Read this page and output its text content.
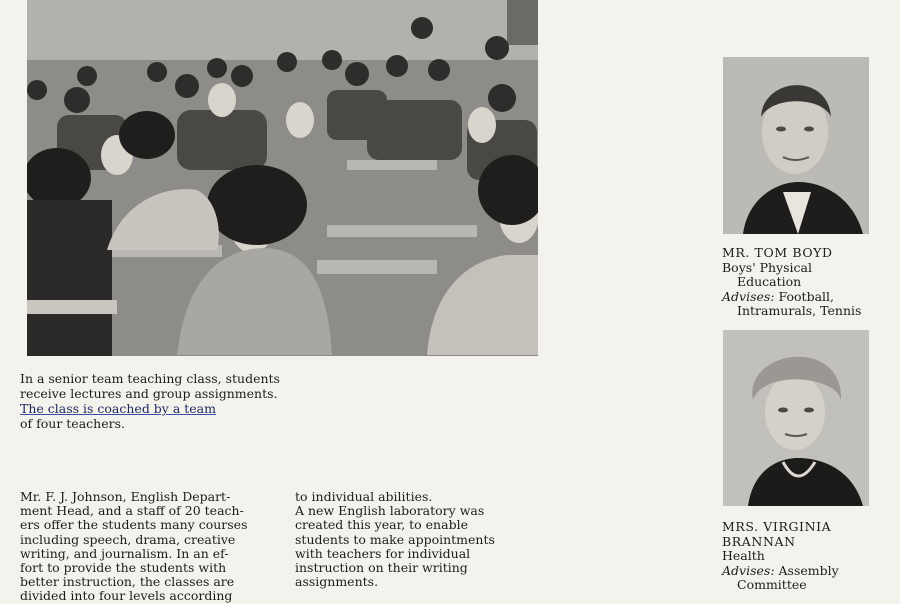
In a senior team teaching class, students
receive lectures and group assignments.
The class is coached by a team
of four teachers.
Mr. F. J. Johnson, English Depart-
ment Head, and a staff of 20 teach-
ers offer the students many courses
including speech, drama, creative
writing, and journalism. In an ef-
fort to provide the students with
better instruction, the classes are
divided into four levels according
to individual abilities.
A new English laboratory was
created this year, to enable
students to make appointments
with teachers for individual
instruction on their writing
assignments.
MR. TOM BOYD
Boys' Physical
Education
Advises: Football,
Intramurals, Tennis
MRS. VIRGINIA
BRANNAN
Health
Advises: Assembly
Committee
